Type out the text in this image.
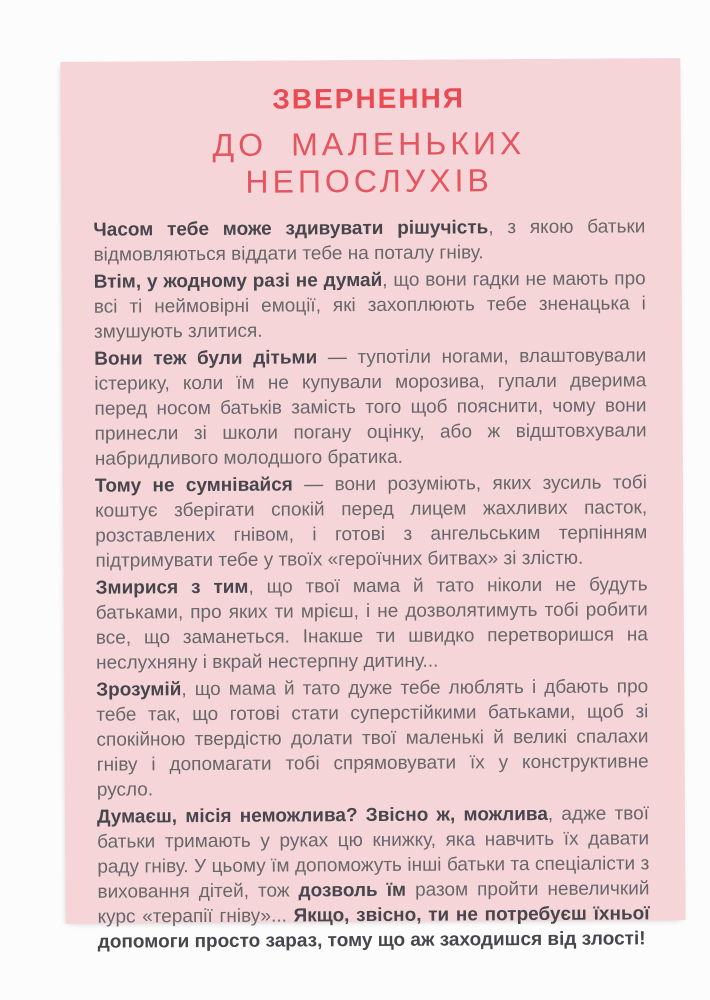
ЗВЕРНЕННЯ
ДО МАЛЕНЬКИХ НЕПОСЛУХІВ

Часом тебе може здивувати рішучість, з якою батьки відмовляються віддати тебе на поталу гніву.

Втім, у жодному разі не думай, що вони гадки не мають про всі ті неймовірні емоції, які захоплюють тебе зненацька і змушують злитися.

Вони теж були дітьми — тупотіли ногами, влаштовували істерику, коли їм не купували морозива, гупали дверима перед носом батьків замість того щоб пояснити, чому вони принесли зі школи погану оцінку, або ж відштовхували набридливого молодшого братика.

Тому не сумнівайся — вони розуміють, яких зусиль тобі коштує зберігати спокій перед лицем жахливих пасток, розставлених гнівом, і готові з ангельським терпінням підтримувати тебе у твоїх «героїчних битвах» зі злістю.

Змирися з тим, що твої мама й тато ніколи не будуть батьками, про яких ти мрієш, і не дозволятимуть тобі робити все, що заманеться. Інакше ти швидко перетворишся на неслухняну і вкрай нестерпну дитину...

Зрозумій, що мама й тато дуже тебе люблять і дбають про тебе так, що готові стати суперстійкими батьками, щоб зі спокійною твердістю долати твої маленькі й великі спалахи гніву і допомагати тобі спрямовувати їх у конструктивне русло.

Думаєш, місія неможлива? Звісно ж, можлива, адже твої батьки тримають у руках цю книжку, яка навчить їх давати раду гніву. У цьому їм допоможуть інші батьки та спеціалісти з виховання дітей, тож дозволь їм разом пройти невеличкий курс «терапії гніву»... Якщо, звісно, ти не потребуєш їхньої допомоги просто зараз, тому що аж заходишся від злості!
